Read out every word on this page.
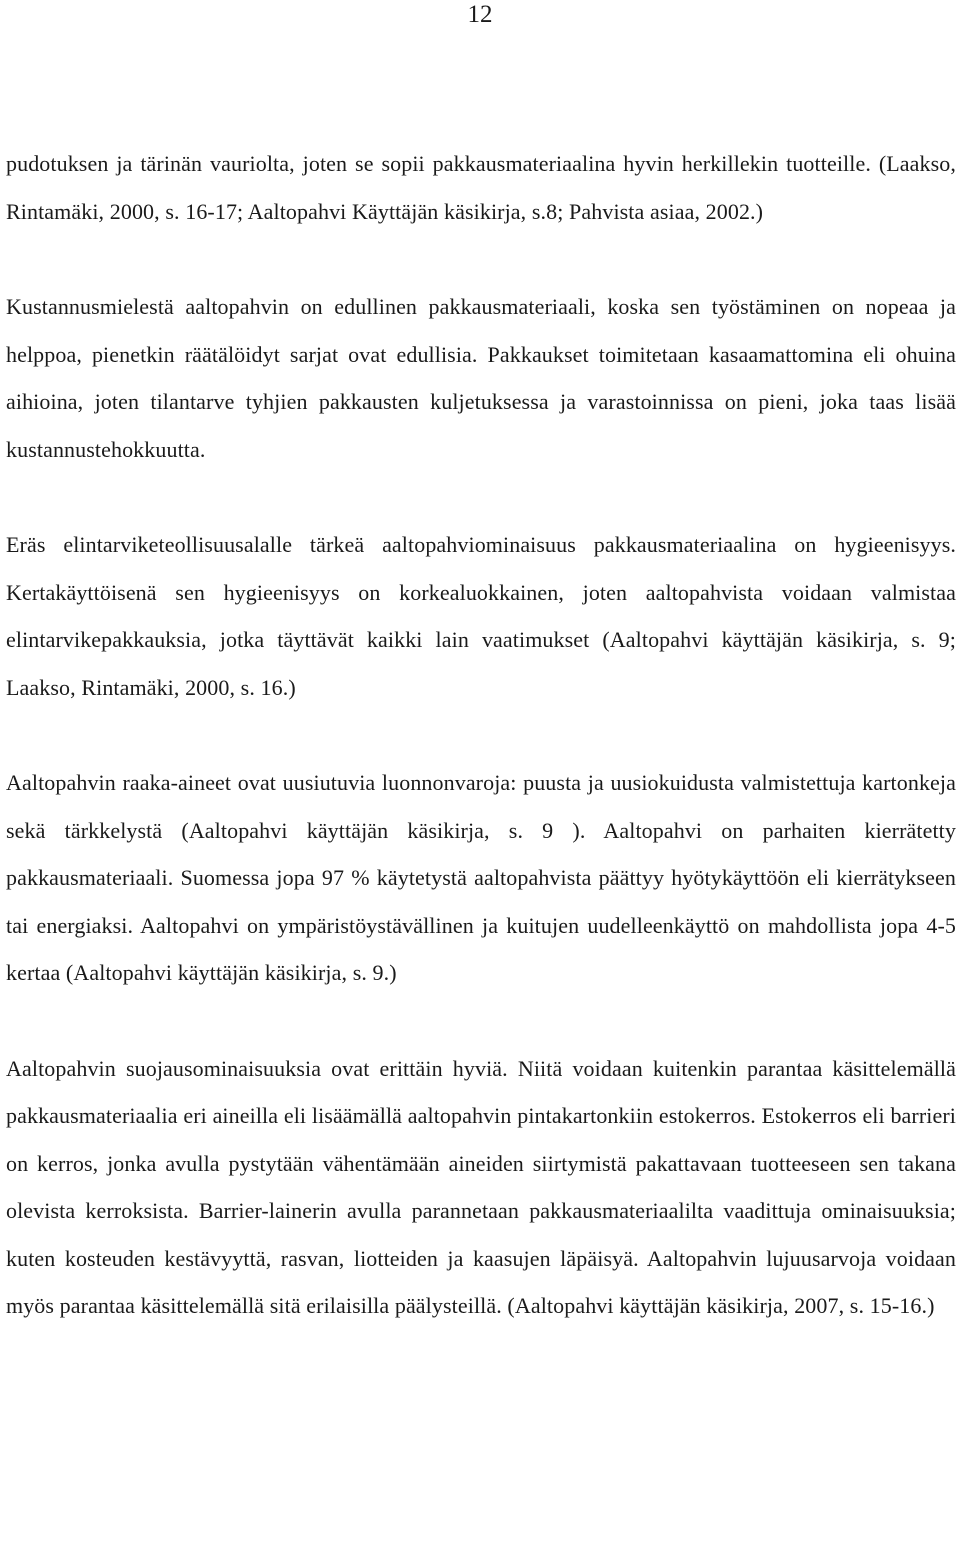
12

pudotuksen ja tärinän vauriolta, joten se sopii pakkausmateriaalina hyvin herkillekin tuotteille. (Laakso, Rintamäki, 2000, s. 16-17; Aaltopahvi Käyttäjän käsikirja, s.8; Pahvista asiaa, 2002.)

Kustannusmielestä aaltopahvin on edullinen pakkausmateriaali, koska sen työstäminen on nopeaa ja helppoa, pienetkin räätälöidyt sarjat ovat edullisia. Pakkaukset toimitetaan kasaamattomina eli ohuina aihioina, joten tilantarve tyhjien pakkausten kuljetuksessa ja varastoinnissa on pieni, joka taas lisää kustannustehokkuutta.

Eräs elintarviketeollisuusalalle tärkeä aaltopahviominaisuus pakkausmateriaalina on hygieenisyys. Kertakäyttöisenä sen hygieenisyys on korkealuokkainen, joten aaltopahvista voidaan valmistaa elintarvikepakkauksia, jotka täyttävät kaikki lain vaatimukset (Aaltopahvi käyttäjän käsikirja, s. 9; Laakso, Rintamäki, 2000, s. 16.)

Aaltopahvin raaka-aineet ovat uusiutuvia luonnonvaroja: puusta ja uusiokuidusta valmistettuja kartonkeja sekä tärkkelystä (Aaltopahvi käyttäjän käsikirja, s. 9 ). Aaltopahvi on parhaiten kierrätetty pakkausmateriaali. Suomessa jopa 97 % käytetystä aaltopahvista päättyy hyötykäyttöön eli kierrätykseen tai energiaksi. Aaltopahvi on ympäristöystävällinen ja kuitujen uudelleenkäyttö on mahdollista jopa 4-5 kertaa (Aaltopahvi käyttäjän käsikirja, s. 9.)

Aaltopahvin suojausominaisuuksia ovat erittäin hyviä. Niitä voidaan kuitenkin parantaa käsittelemällä pakkausmateriaalia eri aineilla eli lisäämällä aaltopahvin pintakartonkiin estokerros. Estokerros eli barrieri on kerros, jonka avulla pystytään vähentämään aineiden siirtymistä pakattavaan tuotteeseen sen takana olevista kerroksista. Barrier-lainerin avulla parannetaan pakkausmateriaalilta vaadittuja ominaisuuksia; kuten kosteuden kestävyyttä, rasvan, liotteiden ja kaasujen läpäisyä. Aaltopahvin lujuusarvoja voidaan myös parantaa käsittelemällä sitä erilaisilla päälysteillä. (Aaltopahvi käyttäjän käsikirja, 2007, s. 15-16.)
